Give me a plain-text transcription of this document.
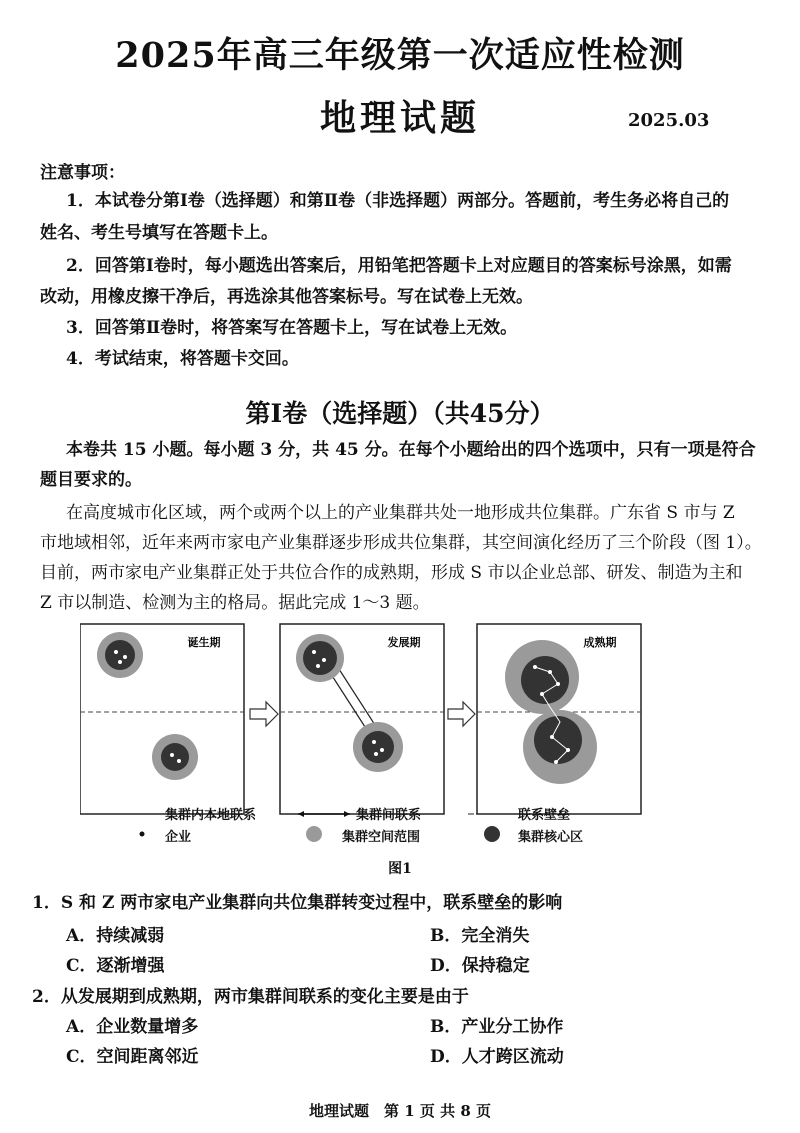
2025年高三年级第一次适应性检测
地理试题	2025.03
注意事项：
1．本试卷分第Ⅰ卷（选择题）和第Ⅱ卷（非选择题）两部分。答题前，考生务必将自己的
姓名、考生号填写在答题卡上。
2．回答第Ⅰ卷时，每小题选出答案后，用铅笔把答题卡上对应题目的答案标号涂黑，如需
改动，用橡皮擦干净后，再选涂其他答案标号。写在试卷上无效。
3．回答第Ⅱ卷时，将答案写在答题卡上，写在试卷上无效。
4．考试结束，将答题卡交回。
第Ⅰ卷（选择题）（共45分）
本卷共 15 小题。每小题 3 分，共 45 分。在每个小题给出的四个选项中，只有一项是符合
题目要求的。
在高度城市化区域，两个或两个以上的产业集群共处一地形成共位集群。广东省 S 市与 Z
市地域相邻，近年来两市家电产业集群逐步形成共位集群，其空间演化经历了三个阶段（图 1）。
目前，两市家电产业集群正处于共位合作的成熟期，形成 S 市以企业总部、研发、制造为主和
Z 市以制造、检测为主的格局。据此完成 1～3 题。
诞生期	发展期	成熟期
集群内本地联系	集群间联系	联系壁垒
企业	集群空间范围	集群核心区
图1
1．S 和 Z 两市家电产业集群向共位集群转变过程中，联系壁垒的影响
A．持续减弱	B．完全消失
C．逐渐增强	D．保持稳定
2．从发展期到成熟期，两市集群间联系的变化主要是由于
A．企业数量增多	B．产业分工协作
C．空间距离邻近	D．人才跨区流动
地理试题　第 1 页 共 8 页
